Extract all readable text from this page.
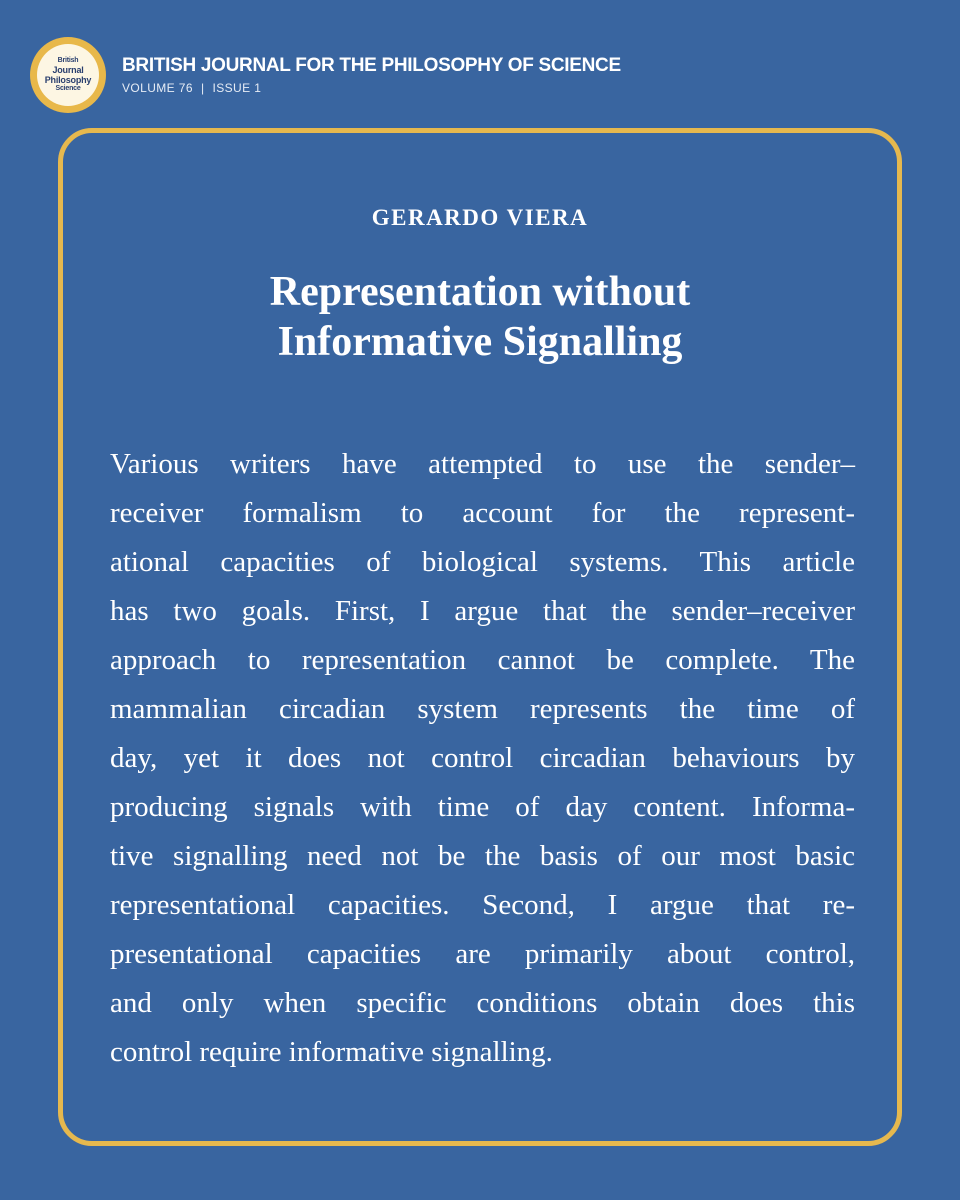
British
Journal
Philosophy
Science
BRITISH JOURNAL FOR THE PHILOSOPHY OF SCIENCE
VOLUME 76 | ISSUE 1
GERARDO VIERA
Representation without
Informative Signalling
Various writers have attempted to use the sender–
receiver formalism to account for the represent-
ational capacities of biological systems. This article
has two goals. First, I argue that the sender–receiver
approach to representation cannot be complete. The
mammalian circadian system represents the time of
day, yet it does not control circadian behaviours by
producing signals with time of day content. Informa-
tive signalling need not be the basis of our most basic
representational capacities. Second, I argue that re-
presentational capacities are primarily about control,
and only when specific conditions obtain does this
control require informative signalling.
